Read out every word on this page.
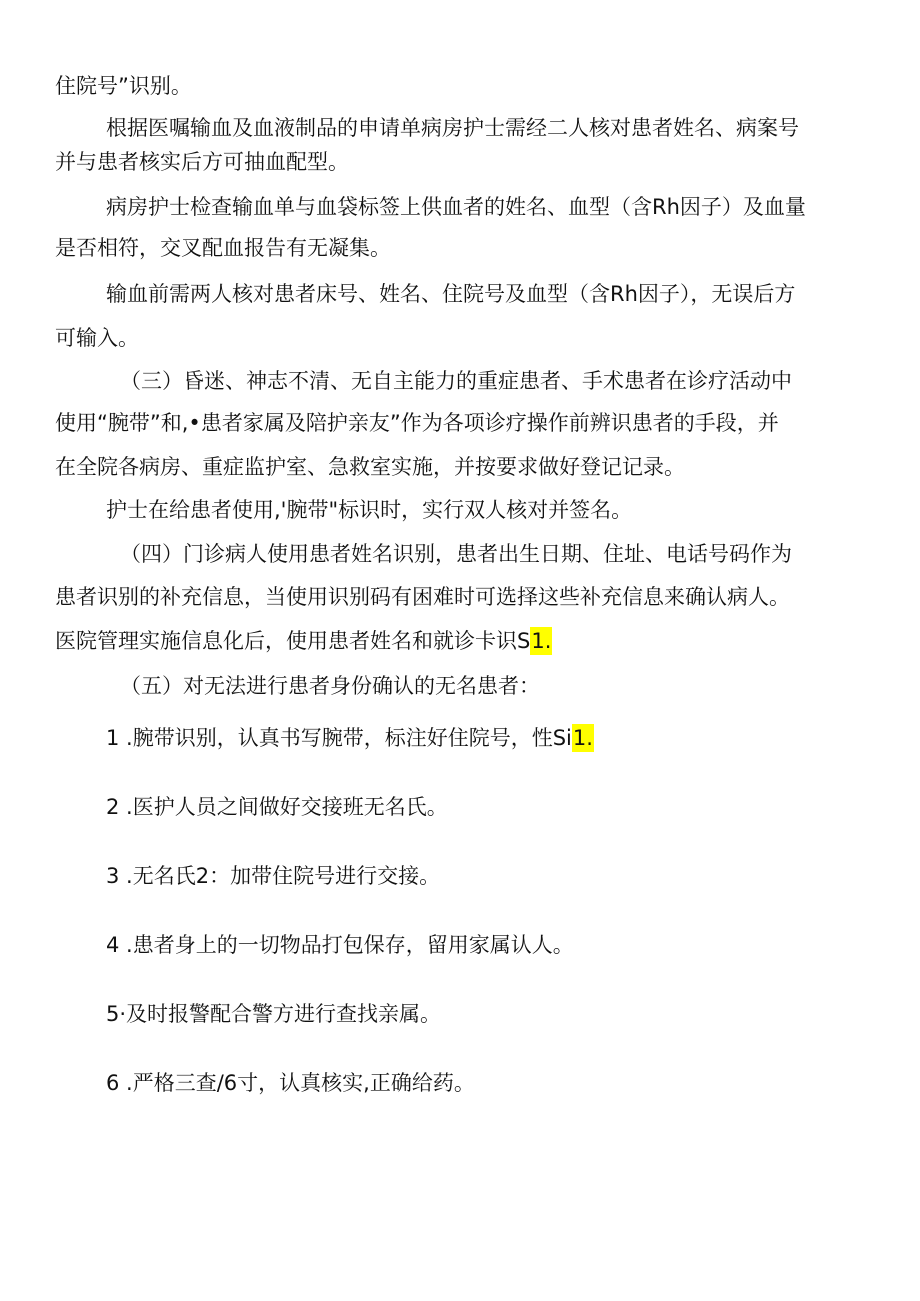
住院号”识别。
根据医嘱输血及血液制品的申请单病房护士需经二人核对患者姓名、病案号
并与患者核实后方可抽血配型。
病房护士检查输血单与血袋标签上供血者的姓名、血型（含Rh因子）及血量
是否相符，交叉配血报告有无凝集。
输血前需两人核对患者床号、姓名、住院号及血型（含Rh因子），无误后方
可输入。
（三）昏迷、神志不清、无自主能力的重症患者、手术患者在诊疗活动中
使用“腕带”和,•患者家属及陪护亲友”作为各项诊疗操作前辨识患者的手段，并
在全院各病房、重症监护室、急救室实施，并按要求做好登记记录。
护士在给患者使用,'腕带"标识时，实行双人核对并签名。
（四）门诊病人使用患者姓名识别，患者出生日期、住址、电话号码作为
患者识别的补充信息，当使用识别码有困难时可选择这些补充信息来确认病人。
医院管理实施信息化后，使用患者姓名和就诊卡识S1.
（五）对无法进行患者身份确认的无名患者：
1 .腕带识别，认真书写腕带，标注好住院号，性Si1.
2 .医护人员之间做好交接班无名氏。
3 .无名氏2：加带住院号进行交接。
4 .患者身上的一切物品打包保存，留用家属认人。
5·及时报警配合警方进行查找亲属。
6 .严格三查/6寸，认真核实,正确给药。
